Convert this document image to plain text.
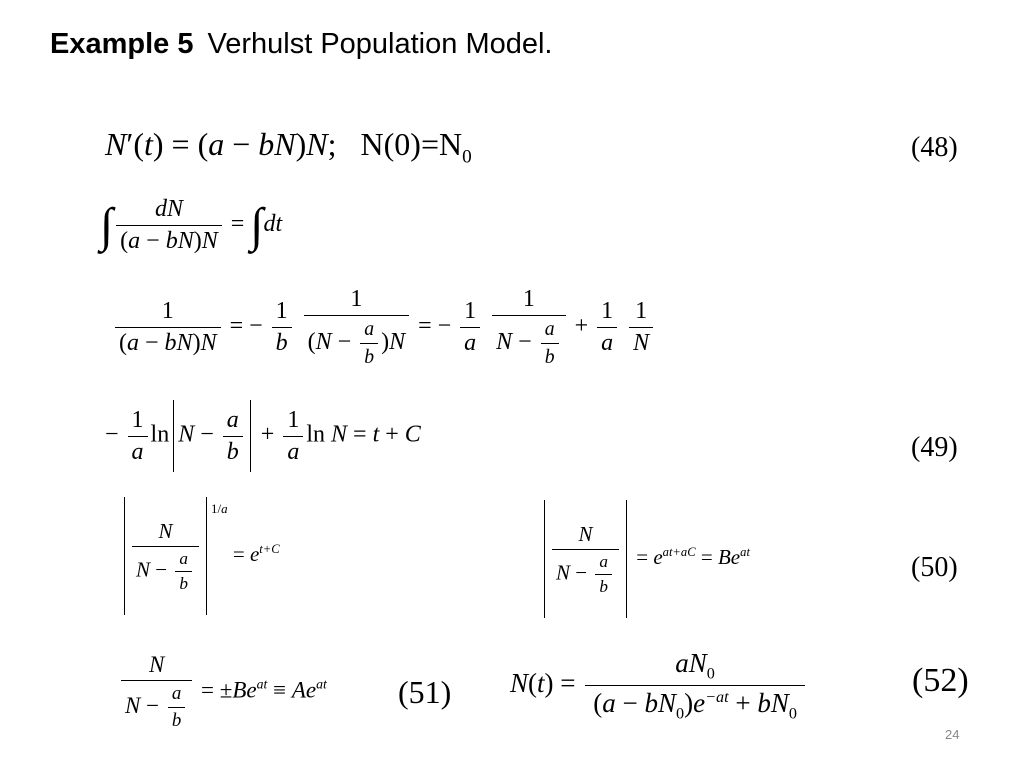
Example 5 Verhulst Population Model.
N′(t) = (a − bN)N;   $N(0)=N_0$	(48)
∫ $\frac{dN}{(a - bN)N} = \int dt$
$\frac{1}{(a - bN)N}$ = − $\frac{1}{b}$
$\frac{1}{(N - \frac{a}{b} )N}$ = − $\frac{1}{a}$
$\frac{1}{N - \frac{a}{b}} + \frac{1}{a}$
$\frac{1}{N}$
− $\frac{1}{a}$ $\ln N - \frac{a}{b} + \frac{1}{a}$ ln N = t + C	(49)
$\frac{N}{N - \frac{a}{b}}$
$^{1/a} = e^{t+C}$	$\frac{N}{N - \frac{a}{b}} = e^{at+aC} = Be^{at}$
(50)
$\frac{N}{N - \frac{a}{b}} = \pm Be^{at} \equiv Ae^{at}$ (51) $N(t) = \frac{aN_0}{(a - bN_0)e^{-at} + bN_0}$	(52)
24
